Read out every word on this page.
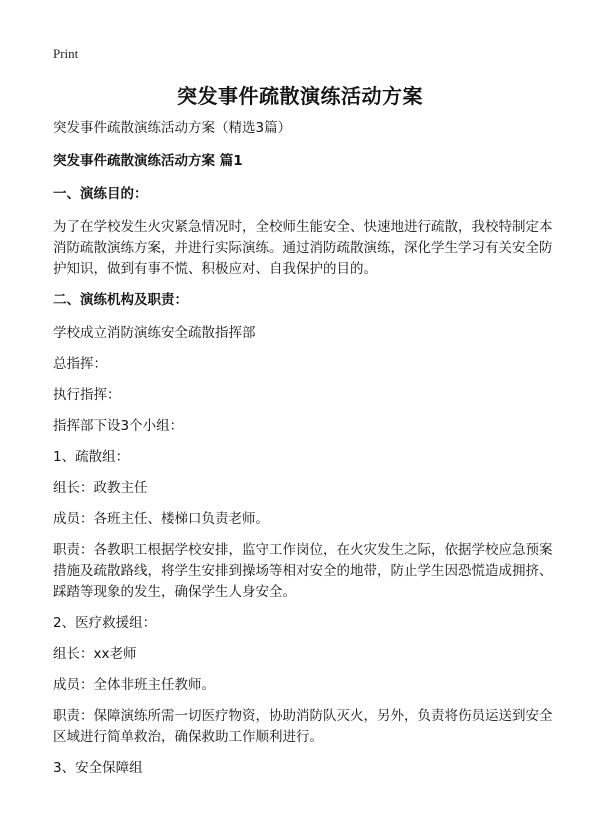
Print
突发事件疏散演练活动方案

突发事件疏散演练活动方案（精选3篇）

突发事件疏散演练活动方案 篇1

一、演练目的：

为了在学校发生火灾紧急情况时，全校师生能安全、快速地进行疏散，我校特制定本消防疏散演练方案，并进行实际演练。通过消防疏散演练，深化学生学习有关安全防护知识，做到有事不慌、积极应对、自我保护的目的。

二、演练机构及职责：

学校成立消防演练安全疏散指挥部

总指挥：

执行指挥：

指挥部下设3个小组：

1、疏散组：

组长：政教主任

成员：各班主任、楼梯口负责老师。

职责：各教职工根据学校安排，监守工作岗位，在火灾发生之际，依据学校应急预案措施及疏散路线，将学生安排到操场等相对安全的地带，防止学生因恐慌造成拥挤、踩踏等现象的发生，确保学生人身安全。

2、医疗救援组：

组长：xx老师

成员：全体非班主任教师。

职责：保障演练所需一切医疗物资，协助消防队灭火，另外，负责将伤员运送到安全区域进行简单救治，确保救助工作顺利进行。

3、安全保障组
